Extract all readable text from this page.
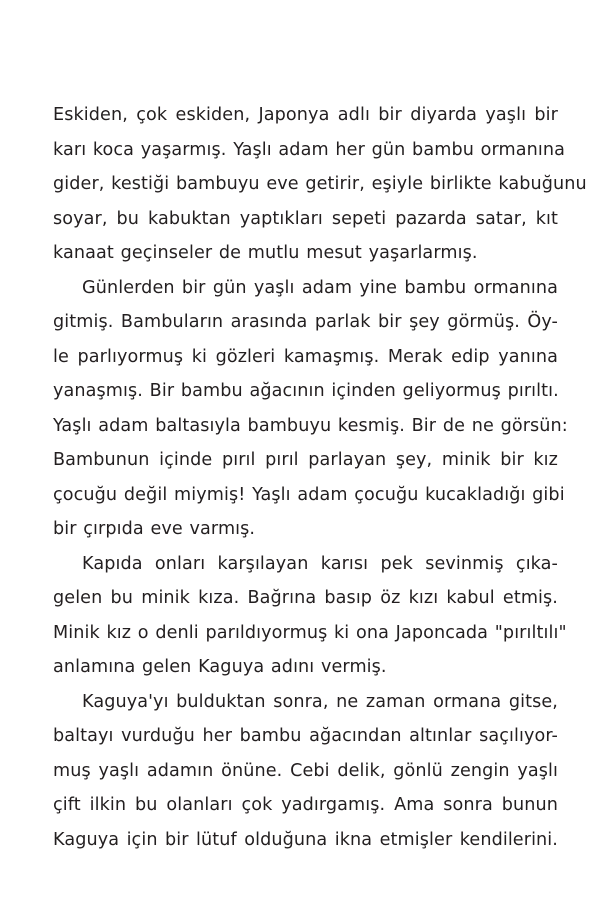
Eskiden, çok eskiden, Japonya adlı bir diyarda yaşlı bir
karı koca yaşarmış. Yaşlı adam her gün bambu ormanına
gider, kestiği bambuyu eve getirir, eşiyle birlikte kabuğunu
soyar, bu kabuktan yaptıkları sepeti pazarda satar, kıt
kanaat geçinseler de mutlu mesut yaşarlarmış.
Günlerden bir gün yaşlı adam yine bambu ormanına
gitmiş. Bambuların arasında parlak bir şey görmüş. Öy-
le parlıyormuş ki gözleri kamaşmış. Merak edip yanına
yanaşmış. Bir bambu ağacının içinden geliyormuş pırıltı.
Yaşlı adam baltasıyla bambuyu kesmiş. Bir de ne görsün:
Bambunun içinde pırıl pırıl parlayan şey, minik bir kız
çocuğu değil miymiş! Yaşlı adam çocuğu kucakladığı gibi
bir çırpıda eve varmış.
Kapıda onları karşılayan karısı pek sevinmiş çıka-
gelen bu minik kıza. Bağrına basıp öz kızı kabul etmiş.
Minik kız o denli parıldıyormuş ki ona Japoncada "pırıltılı"
anlamına gelen Kaguya adını vermiş.
Kaguya'yı bulduktan sonra, ne zaman ormana gitse,
baltayı vurduğu her bambu ağacından altınlar saçılıyor-
muş yaşlı adamın önüne. Cebi delik, gönlü zengin yaşlı
çift ilkin bu olanları çok yadırgamış. Ama sonra bunun
Kaguya için bir lütuf olduğuna ikna etmişler kendilerini.
